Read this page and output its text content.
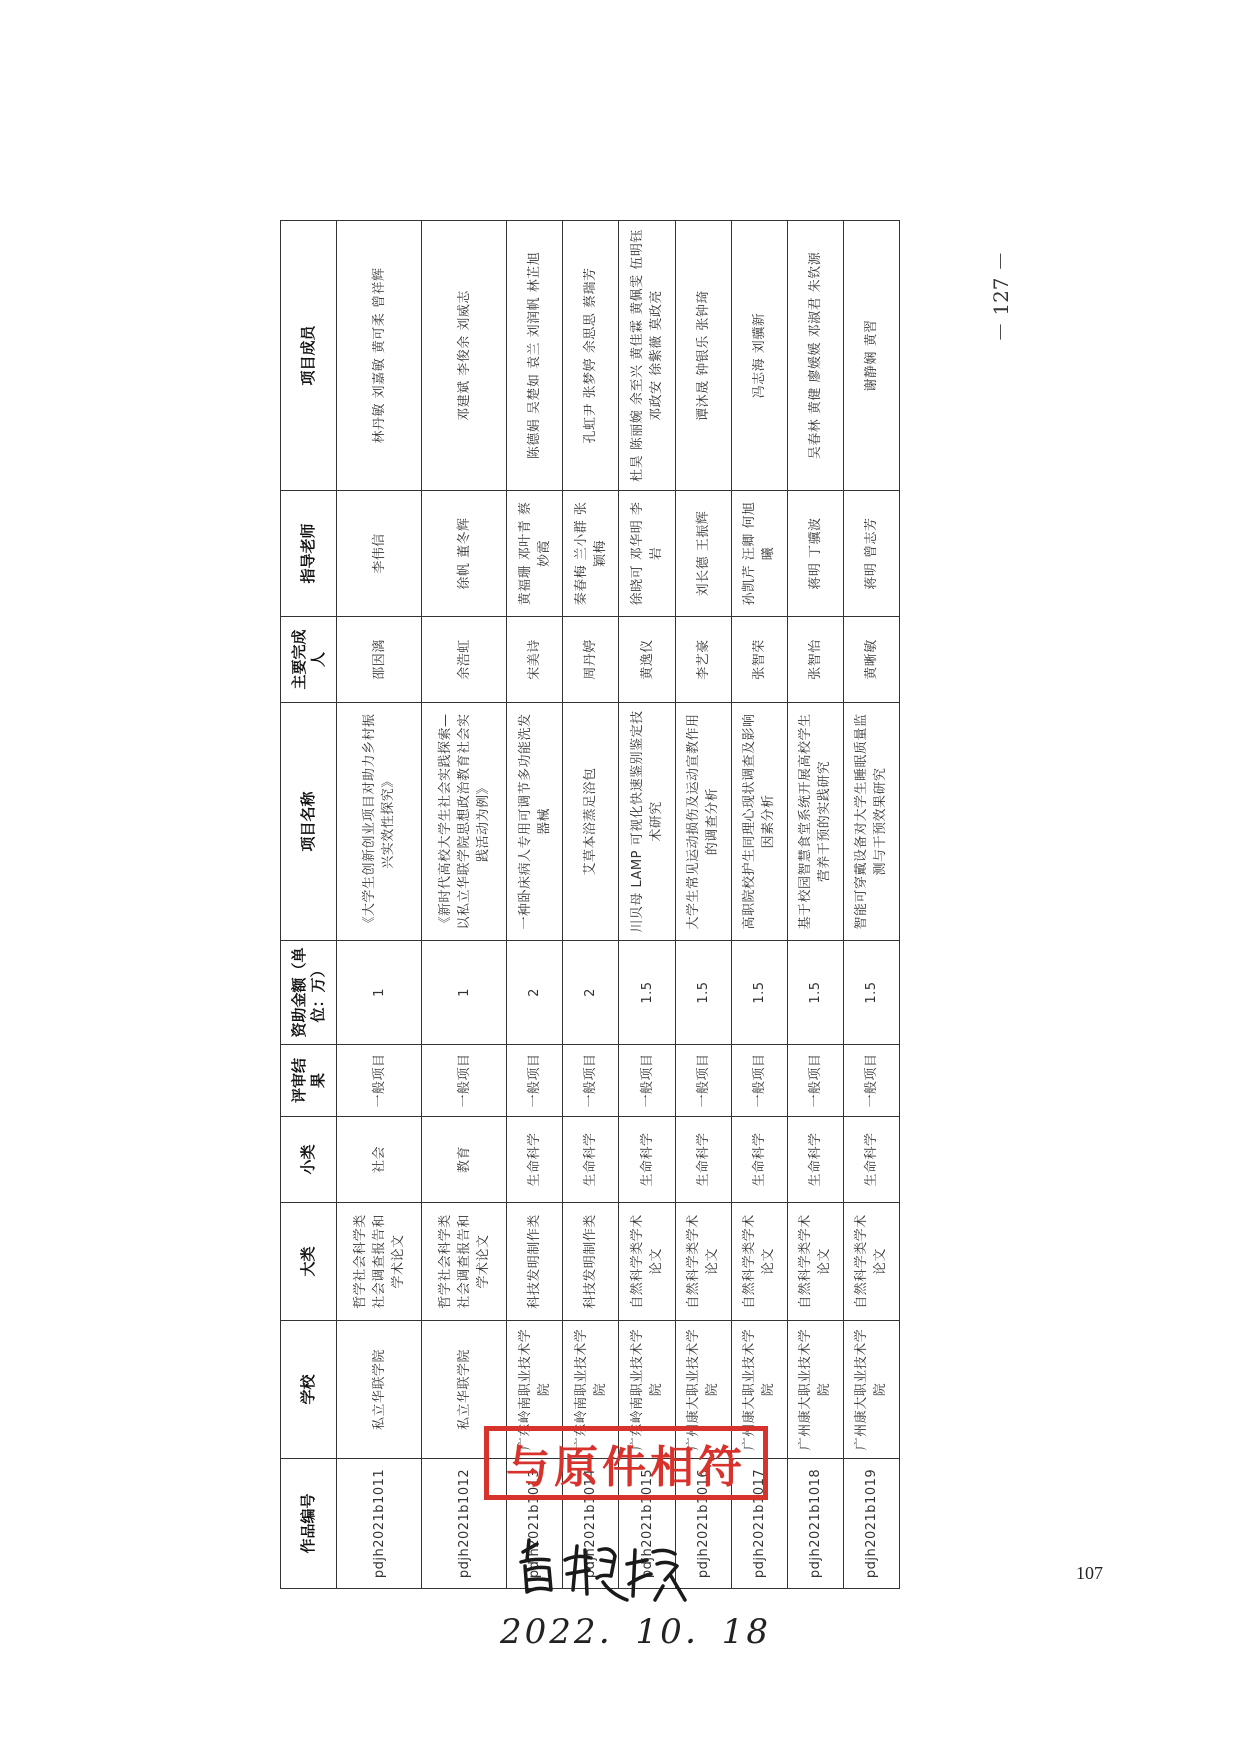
作品编号	学校	大类	小类	评审结果	资助金额（单位：万）	项目名称	主要完成人	指导老师	项目成员
pdjh2021b1011	私立华联学院	哲学社会科学类社会调查报告和学术论文	社会	一般项目	1	《大学生创新创业项目对助力乡村振兴实效性探究》	邵因漓	李伟信	林丹敏 刘嘉敏 黄可柔 曾祥辉
pdjh2021b1012	私立华联学院	哲学社会科学类社会调查报告和学术论文	教育	一般项目	1	《新时代高校大学生社会实践探索—以私立华联学院思想政治教育社会实践活动为例》	余浩虹	徐帆 董冬辉	邓建斌 李俊余 刘威志
pdjh2021b1013	广东岭南职业技术学院	科技发明制作类	生命科学	一般项目	2	一种卧床病人专用可调节多功能洗发器械	宋美诗	黄福珊 邓叶青 蔡妙霞	陈德娟 吴楚如 袁兰 刘润帆 林芷旭
pdjh2021b1014	广东岭南职业技术学院	科技发明制作类	生命科学	一般项目	2	艾草本浴蒸足浴包	周丹婷	秦春梅 兰小群 张颖梅	孔虹尹 张梦婷 余思思 蔡瑞芳
pdjh2021b1015	广东岭南职业技术学院	自然科学类学术论文	生命科学	一般项目	1.5	川贝母 LAMP 可视化快速鉴别鉴定技术研究	黄逸仪	徐晓可 邓华明 李岩	杜昊 陈丽婉 余至兴 黄佳霖 黄佩雯 伍明钰 邓政安 徐紫薇 莫政亮
pdjh2021b1016	广州康大职业技术学院	自然科学类学术论文	生命科学	一般项目	1.5	大学生常见运动损伤及运动宣教作用的调查分析	李艺豪	刘长德 王振辉	谭沐晟 钟银乐 张钟琦
pdjh2021b1017	广州康大职业技术学院	自然科学类学术论文	生命科学	一般项目	1.5	高职院校护生同理心现状调查及影响因素分析	张智荣	孙凯芹 汪卿 何旭曦	冯志海 刘骥新
pdjh2021b1018	广州康大职业技术学院	自然科学类学术论文	生命科学	一般项目	1.5	基于校园智慧食堂系统开展高校学生营养干预的实践研究	张智怡	蒋明 丁骥波	吴春林 黄健 廖媛媛 邓淑君 朱钦源
pdjh2021b1019	广州康大职业技术学院	自然科学类学术论文	生命科学	一般项目	1.5	智能可穿戴设备对大学生睡眠质量监测与干预效果研究	黄晰敏	蒋明 曾志芳	谢静娴 黄習
－ 127 －
与原件相符
2022．10．18
107
